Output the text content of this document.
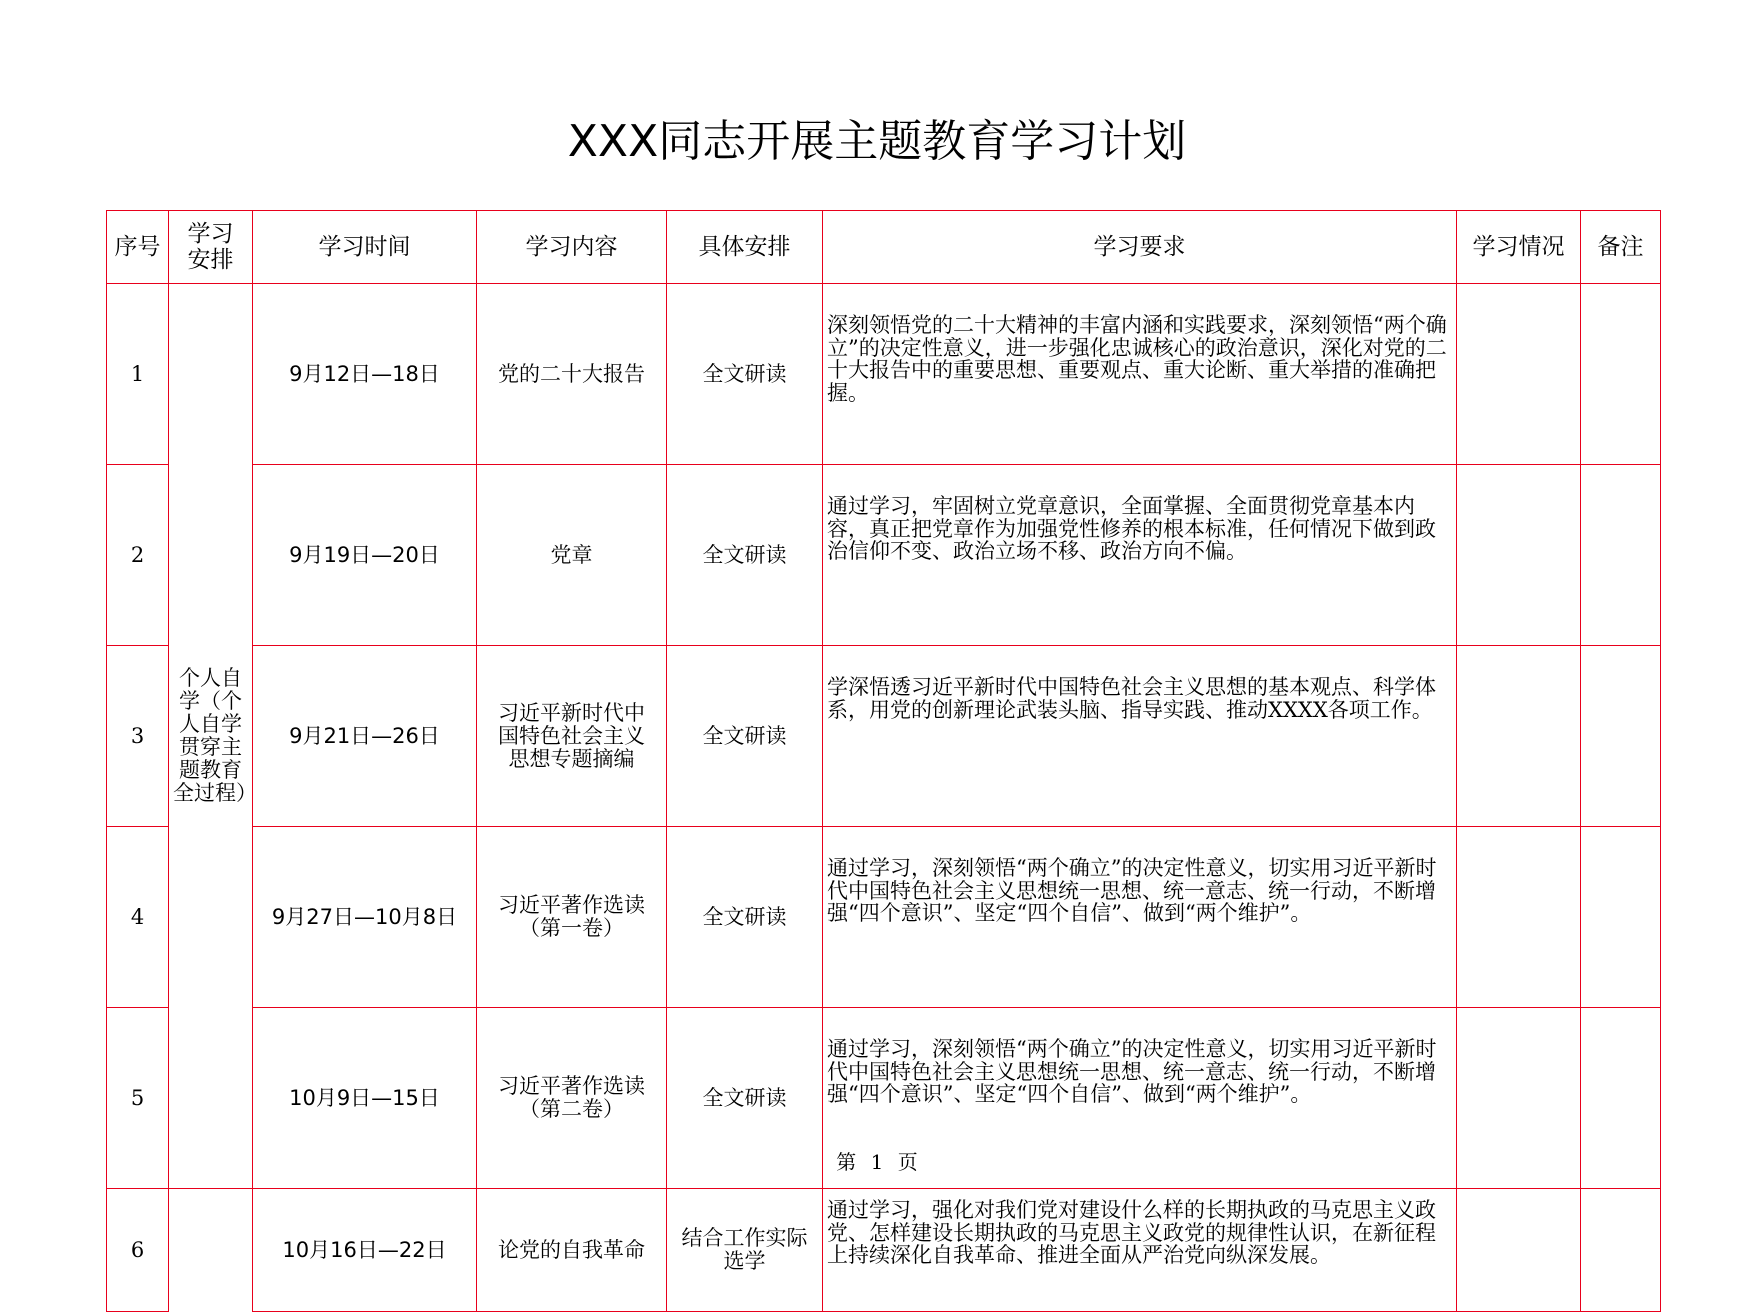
XXX同志开展主题教育学习计划
序号	学习安排	学习时间	学习内容	具体安排	学习要求	学习情况	备注
1	个人自学（个人自学贯穿主题教育全过程）	9月12日—18日	党的二十大报告	全文研读	深刻领悟党的二十大精神的丰富内涵和实践要求，深刻领悟“两个确立”的决定性意义，进一步强化忠诚核心的政治意识，深化对党的二十大报告中的重要思想、重要观点、重大论断、重大举措的准确把握。		

2		9月19日—20日	党章	全文研读	通过学习，牢固树立党章意识，全面掌握、全面贯彻党章基本内容，真正把党章作为加强党性修养的根本标准，任何情况下做到政治信仰不变、政治立场不移、政治方向不偏。		

3		9月21日—26日	习近平新时代中国特色社会主义思想专题摘编	全文研读	学深悟透习近平新时代中国特色社会主义思想的基本观点、科学体系，用党的创新理论武装头脑、指导实践、推动XXXX各项工作。		

4		9月27日—10月8日	习近平著作选读（第一卷）	全文研读	通过学习，深刻领悟“两个确立”的决定性意义，切实用习近平新时代中国特色社会主义思想统一思想、统一意志、统一行动，不断增强“四个意识”、坚定“四个自信”、做到“两个维护”。		

5		10月9日—15日	习近平著作选读（第二卷）	全文研读	通过学习，深刻领悟“两个确立”的决定性意义，切实用习近平新时代中国特色社会主义思想统一思想、统一意志、统一行动，不断增强“四个意识”、坚定“四个自信”、做到“两个维护”。		

6		10月16日—22日	论党的自我革命	结合工作实际选学	通过学习，强化对我们党对建设什么样的长期执政的马克思主义政党、怎样建设长期执政的马克思主义政党的规律性认识，在新征程上持续深化自我革命、推进全面从严治党向纵深发展。		

第 1 页
